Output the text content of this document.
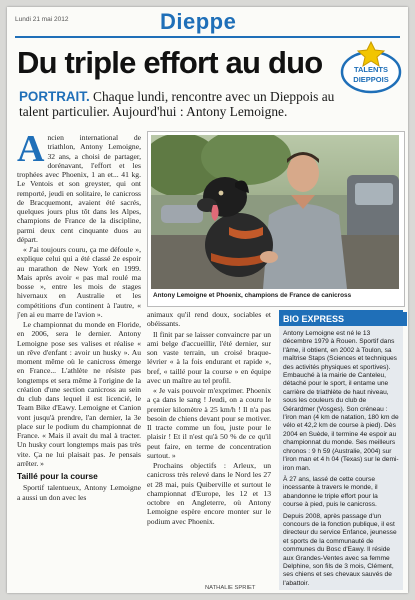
Lundi 21 mai 2012	Dieppe
Du triple effort au duo	TALENTS
DIEPPOIS
PORTRAIT. Chaque lundi, rencontre avec un Dieppois au talent particulier. Aujourd'hui : Antony Lemoigne.

Ancien international de triathlon, Antony Lemoigne, 32 ans, a choisi de partager, dorénavant, l'effort et les trophées avec Phoenix, 1 an et... 41 kg. Le Ventois et son greyster, qui ont remporté, jeudi en solitaire, le canicross de Bracquemont, avaient été sacrés, quelques jours plus tôt dans les Alpes, champions de France de la discipline, parmi deux cent cinquante duos au départ.

« J'ai toujours couru, ça me défoule », explique celui qui a été classé 2e espoir au marathon de New York en 1999. Mais après avoir « pas mal roulé ma bosse », entre les mois de stages hivernaux en Australie et les compétitions d'un continent à l'autre, « j'en ai eu marre de l'avion ».

Le championnat du monde en Floride, en 2006, sera le dernier. Antony Lemoigne pose ses valises et réalise « un rêve d'enfant : avoir un husky ». Au moment même où le canicross émerge en France... L'athlète ne résiste pas longtemps et sera même à l'origine de la création d'une section canicross au sein du club dans lequel il est licencié, le Team Bike d'Eawy. Lemoigne et Canion vont jusqu'à prendre, l'an dernier, la 3e place sur le podium du championnat de France. « Mais il avait du mal à tracter. Un husky court longtemps mais pas très vite. Ça ne lui plaisait pas. Je pensais arrêter. »

Taillé pour la course

Sportif talentueux, Antony Lemoigne a aussi un don avec les

Antony Lemoigne et Phoenix, champions de France de canicross

animaux qu'il rend doux, sociables et obéissants.

Il finit par se laisser convaincre par un ami belge d'accueillir, l'été dernier, sur son vaste terrain, un croisé braque-lévrier « à la fois endurant et rapide », bref, « taillé pour la course » en équipe avec un maître au tel profil.

« Je vais pouvoir m'exprimer. Phoenix a ça dans le sang ! Jeudi, on a couru le premier kilomètre à 25 km/h ! Il n'a pas besoin de chiens devant pour se motiver. Il tracte comme un fou, juste pour le plaisir ! Et il n'est qu'à 50 % de ce qu'il peut faire, en terme de concentration surtout. »

Prochains objectifs : Arleux, un canicross très relevé dans le Nord les 27 et 28 mai, puis Quiberville et surtout le championnat d'Europe, les 12 et 13 octobre en Angleterre, où Antony Lemoigne espère encore monter sur le podium avec Phoenix.

NATHALIE SPRIET
BIO EXPRESS

Antony Lemoigne est né le 13 décembre 1979 à Rouen. Sportif dans l'âme, il obtient, en 2002 à Toulon, sa maîtrise Staps (Sciences et techniques des activités physiques et sportives). Embauché à la mairie de Canteleu, détaché pour le sport, il entame une carrière de triathlète de haut niveau, sous les couleurs du club de Gérardmer (Vosges). Son créneau : l'iron man (4 km de natation, 180 km de vélo et 42,2 km de course à pied). Dès 2004 en Suède, il termine 4e espoir au championnat du monde. Ses meilleurs chronos : 9 h 59 (Australie, 2004) sur l'iron man et 4 h 04 (Texas) sur le demi-iron man.

À 27 ans, lassé de cette course incessante à travers le monde, il abandonne le triple effort pour la course à pied, puis le canicross.

Depuis 2008, après passage d'un concours de la fonction publique, il est directeur du service Enfance, jeunesse et sports de la communauté de communes du Bosc d'Eawy. Il réside aux Grandes-Ventes avec sa femme Delphine, son fils de 3 mois, Clément, ses chiens et ses chevaux sauvés de l'abattoir.
